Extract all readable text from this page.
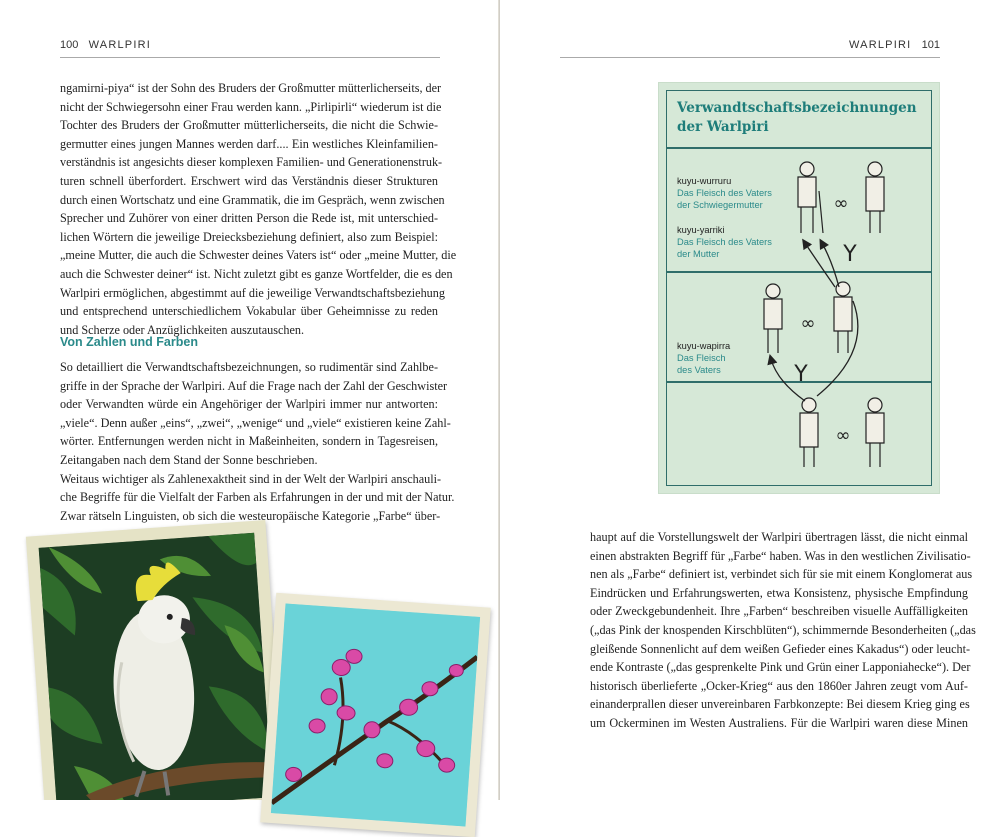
100 WARLPIRI
ngamirni-piya“ ist der Sohn des Bruders der Großmutter mütterlicherseits, der
nicht der Schwiegersohn einer Frau werden kann. „Pirlipirli“ wiederum ist die
Tochter des Bruders der Großmutter mütterlicherseits, die nicht die Schwie-
germutter eines jungen Mannes werden darf.... Ein westliches Kleinfamilien-
verständnis ist angesichts dieser komplexen Familien- und Generationenstruk-
turen schnell überfordert. Erschwert wird das Verständnis dieser Strukturen
durch einen Wortschatz und eine Grammatik, die im Gespräch, wenn zwischen
Sprecher und Zuhörer von einer dritten Person die Rede ist, mit unterschied-
lichen Wörtern die jeweilige Dreiecksbeziehung definiert, also zum Beispiel:
„meine Mutter, die auch die Schwester deines Vaters ist“ oder „meine Mutter, die
auch die Schwester deiner“ ist. Nicht zuletzt gibt es ganze Wortfelder, die es den
Warlpiri ermöglichen, abgestimmt auf die jeweilige Verwandtschaftsbeziehung
und entsprechend unterschiedlichem Vokabular über Geheimnisse zu reden
und Scherze oder Anzüglichkeiten auszutauschen.
Von Zahlen und Farben
So detailliert die Verwandtschaftsbezeichnungen, so rudimentär sind Zahlbe-
griffe in der Sprache der Warlpiri. Auf die Frage nach der Zahl der Geschwister
oder Verwandten würde ein Angehöriger der Warlpiri immer nur antworten:
„viele“. Denn außer „eins“, „zwei“, „wenige“ und „viele“ existieren keine Zahl-
wörter. Entfernungen werden nicht in Maßeinheiten, sondern in Tagesreisen,
Zeitangaben nach dem Stand der Sonne beschrieben.
Weitaus wichtiger als Zahlenexaktheit sind in der Welt der Warlpiri anschauli-
che Begriffe für die Vielfalt der Farben als Erfahrungen in der und mit der Natur.
Zwar rätseln Linguisten, ob sich die westeuropäische Kategorie „Farbe“ über-
WARLPIRI 101
Verwandtschaftsbezeichnungen
der Warlpiri
kuyu-wurruru
Das Fleisch des Vaters
der Schwiegermutter
kuyu-yarriki
Das Fleisch des Vaters
der Mutter
kuyu-wapirra
Das Fleisch
des Vaters
∞
Y
∞
Y
∞
haupt auf die Vorstellungswelt der Warlpiri übertragen lässt, die nicht einmal
einen abstrakten Begriff für „Farbe“ haben. Was in den westlichen Zivilisatio-
nen als „Farbe“ definiert ist, verbindet sich für sie mit einem Konglomerat aus
Eindrücken und Erfahrungswerten, etwa Konsistenz, physische Empfindung
oder Zweckgebundenheit. Ihre „Farben“ beschreiben visuelle Auffälligkeiten
(„das Pink der knospenden Kirschblüten“), schimmernde Besonderheiten („das
gleißende Sonnenlicht auf dem weißen Gefieder eines Kakadus“) oder leucht-
ende Kontraste („das gesprenkelte Pink und Grün einer Lapponiahecke“). Der
historisch überlieferte „Ocker-Krieg“ aus den 1860er Jahren zeugt vom Auf-
einanderprallen dieser unvereinbaren Farbkonzepte: Bei diesem Krieg ging es
um Ockerminen im Westen Australiens. Für die Warlpiri waren diese Minen
